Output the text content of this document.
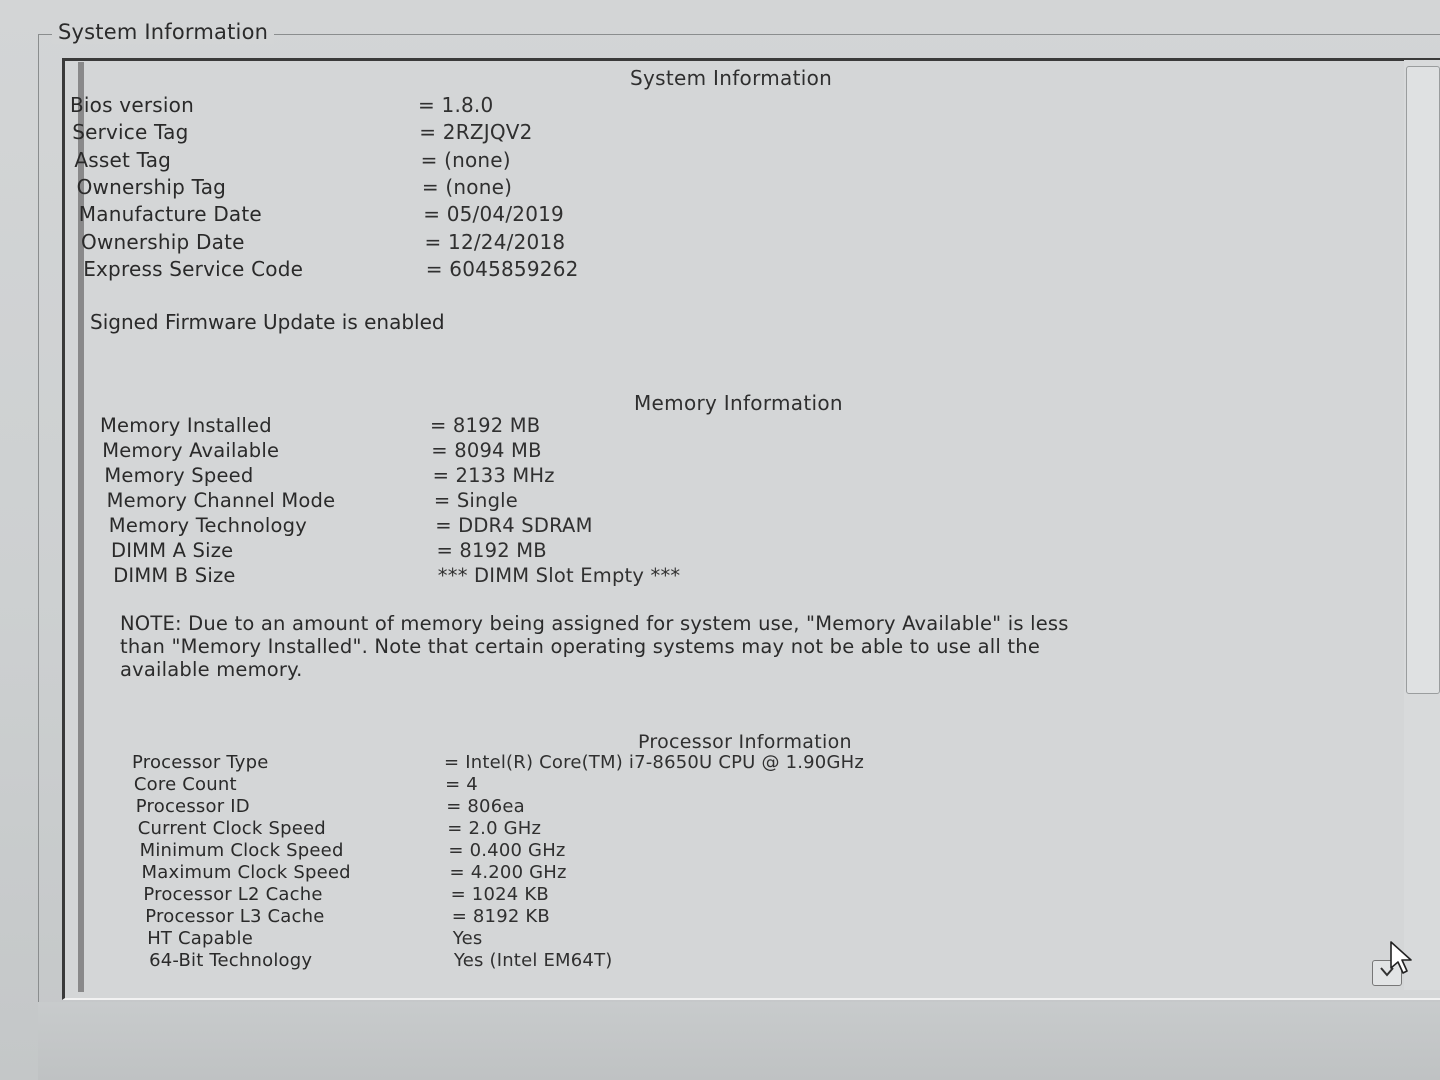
System Information
System Information
Bios version	= 1.8.0
Service Tag	= 2RZJQV2
Asset Tag	= (none)
Ownership Tag	= (none)
Manufacture Date	= 05/04/2019
Ownership Date	= 12/24/2018
Express Service Code	= 6045859262
Signed Firmware Update is enabled
Memory Information
Memory Installed	= 8192 MB
Memory Available	= 8094 MB
Memory Speed	= 2133 MHz
Memory Channel Mode	= Single
Memory Technology	= DDR4 SDRAM
DIMM A Size	= 8192 MB
DIMM B Size	*** DIMM Slot Empty ***
NOTE: Due to an amount of memory being assigned for system use, "Memory Available" is less
than "Memory Installed". Note that certain operating systems may not be able to use all the
available memory.
Processor Information
Processor Type	= Intel(R) Core(TM) i7-8650U CPU @ 1.90GHz
Core Count	= 4
Processor ID	= 806ea
Current Clock Speed	= 2.0 GHz
Minimum Clock Speed	= 0.400 GHz
Maximum Clock Speed	= 4.200 GHz
Processor L2 Cache	= 1024 KB
Processor L3 Cache	= 8192 KB
HT Capable	Yes
64-Bit Technology	Yes (Intel EM64T)
